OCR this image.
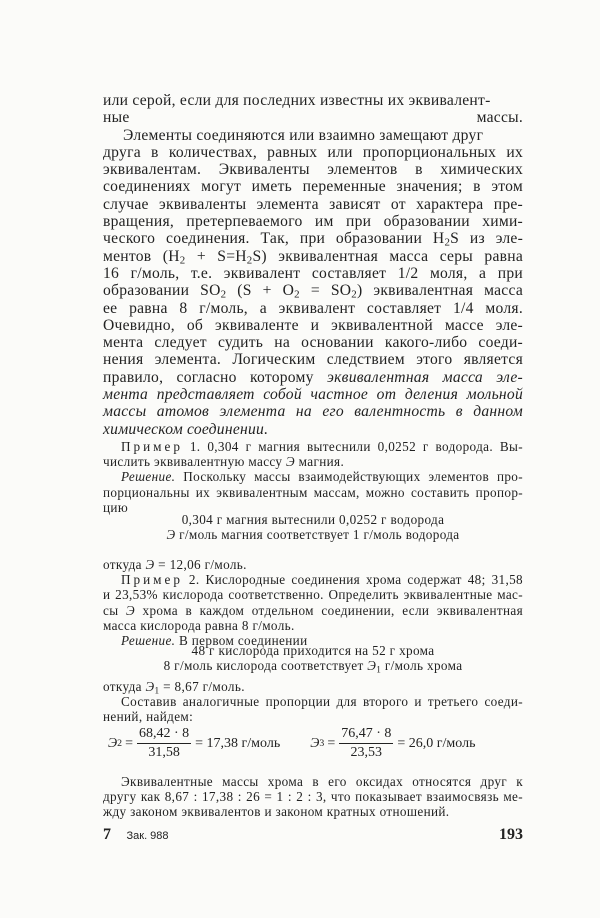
или серой, если для последних известны их эквивалент-
ные массы.
Элементы соединяются или взаимно замещают друг
друга в количествах, равных или пропорциональных их
эквивалентам. Эквиваленты элементов в химических
соединениях могут иметь переменные значения; в этом
случае эквиваленты элемента зависят от характера пре-
вращения, претерпеваемого им при образовании хими-
ческого соединения. Так, при образовании $H_2S$ из эле-
ментов $(H_2 + S=H_2S)$ эквивалентная масса серы равна
16 г/моль, т.е. эквивалент составляет 1/2 моля, а при
образовании $SO_2$ $(S + O_2 = SO_2)$ эквивалентная масса
ее равна 8 г/моль, а эквивалент составляет 1/4 моля.
Очевидно, об эквиваленте и эквивалентной массе эле-
мента следует судить на основании какого-либо соеди-
нения элемента. Логическим следствием этого является
правило, согласно которому эквивалентная масса эле-
мента представляет собой частное от деления мольной
массы атомов элемента на его валентность в данном
химическом соединении.
Пример 1. 0,304 г магния вытеснили 0,0252 г водорода. Вы-
числить эквивалентную массу Э магния.
Решение. Поскольку массы взаимодействующих элементов про-
порциональны их эквивалентным массам, можно составить пропор-
цию
0,304 г магния вытеснили 0,0252 г водорода
Э г/моль магния соответствует 1 г/моль водорода
откуда Э = 12,06 г/моль.
Пример 2. Кислородные соединения хрома содержат 48; 31,58
и 23,53% кислорода соответственно. Определить эквивалентные мас-
сы Э хрома в каждом отдельном соединении, если эквивалентная
масса кислорода равна 8 г/моль.
Решение. В первом соединении
48 г кислорода приходится на 52 г хрома
8 г/моль кислорода соответствует $Э_1$ г/моль хрома
откуда $Э_1 = 8,67$ г/моль.
Составив аналогичные пропорции для второго и третьего соеди-
нений, найдем:
Э $2 = \frac{68,42 \cdot 8}{31,58} = 17,38$ г/моль Э $3 = \frac{76,47 \cdot 8}{23,53} = 26,0$ г/моль
Эквивалентные массы хрома в его оксидах относятся друг к
другу как 8,67 : 17,38 : 26 = 1 : 2 : 3, что показывает взаимосвязь ме-
жду законом эквивалентов и законом кратных отношений.
7 Зак. 988	193
